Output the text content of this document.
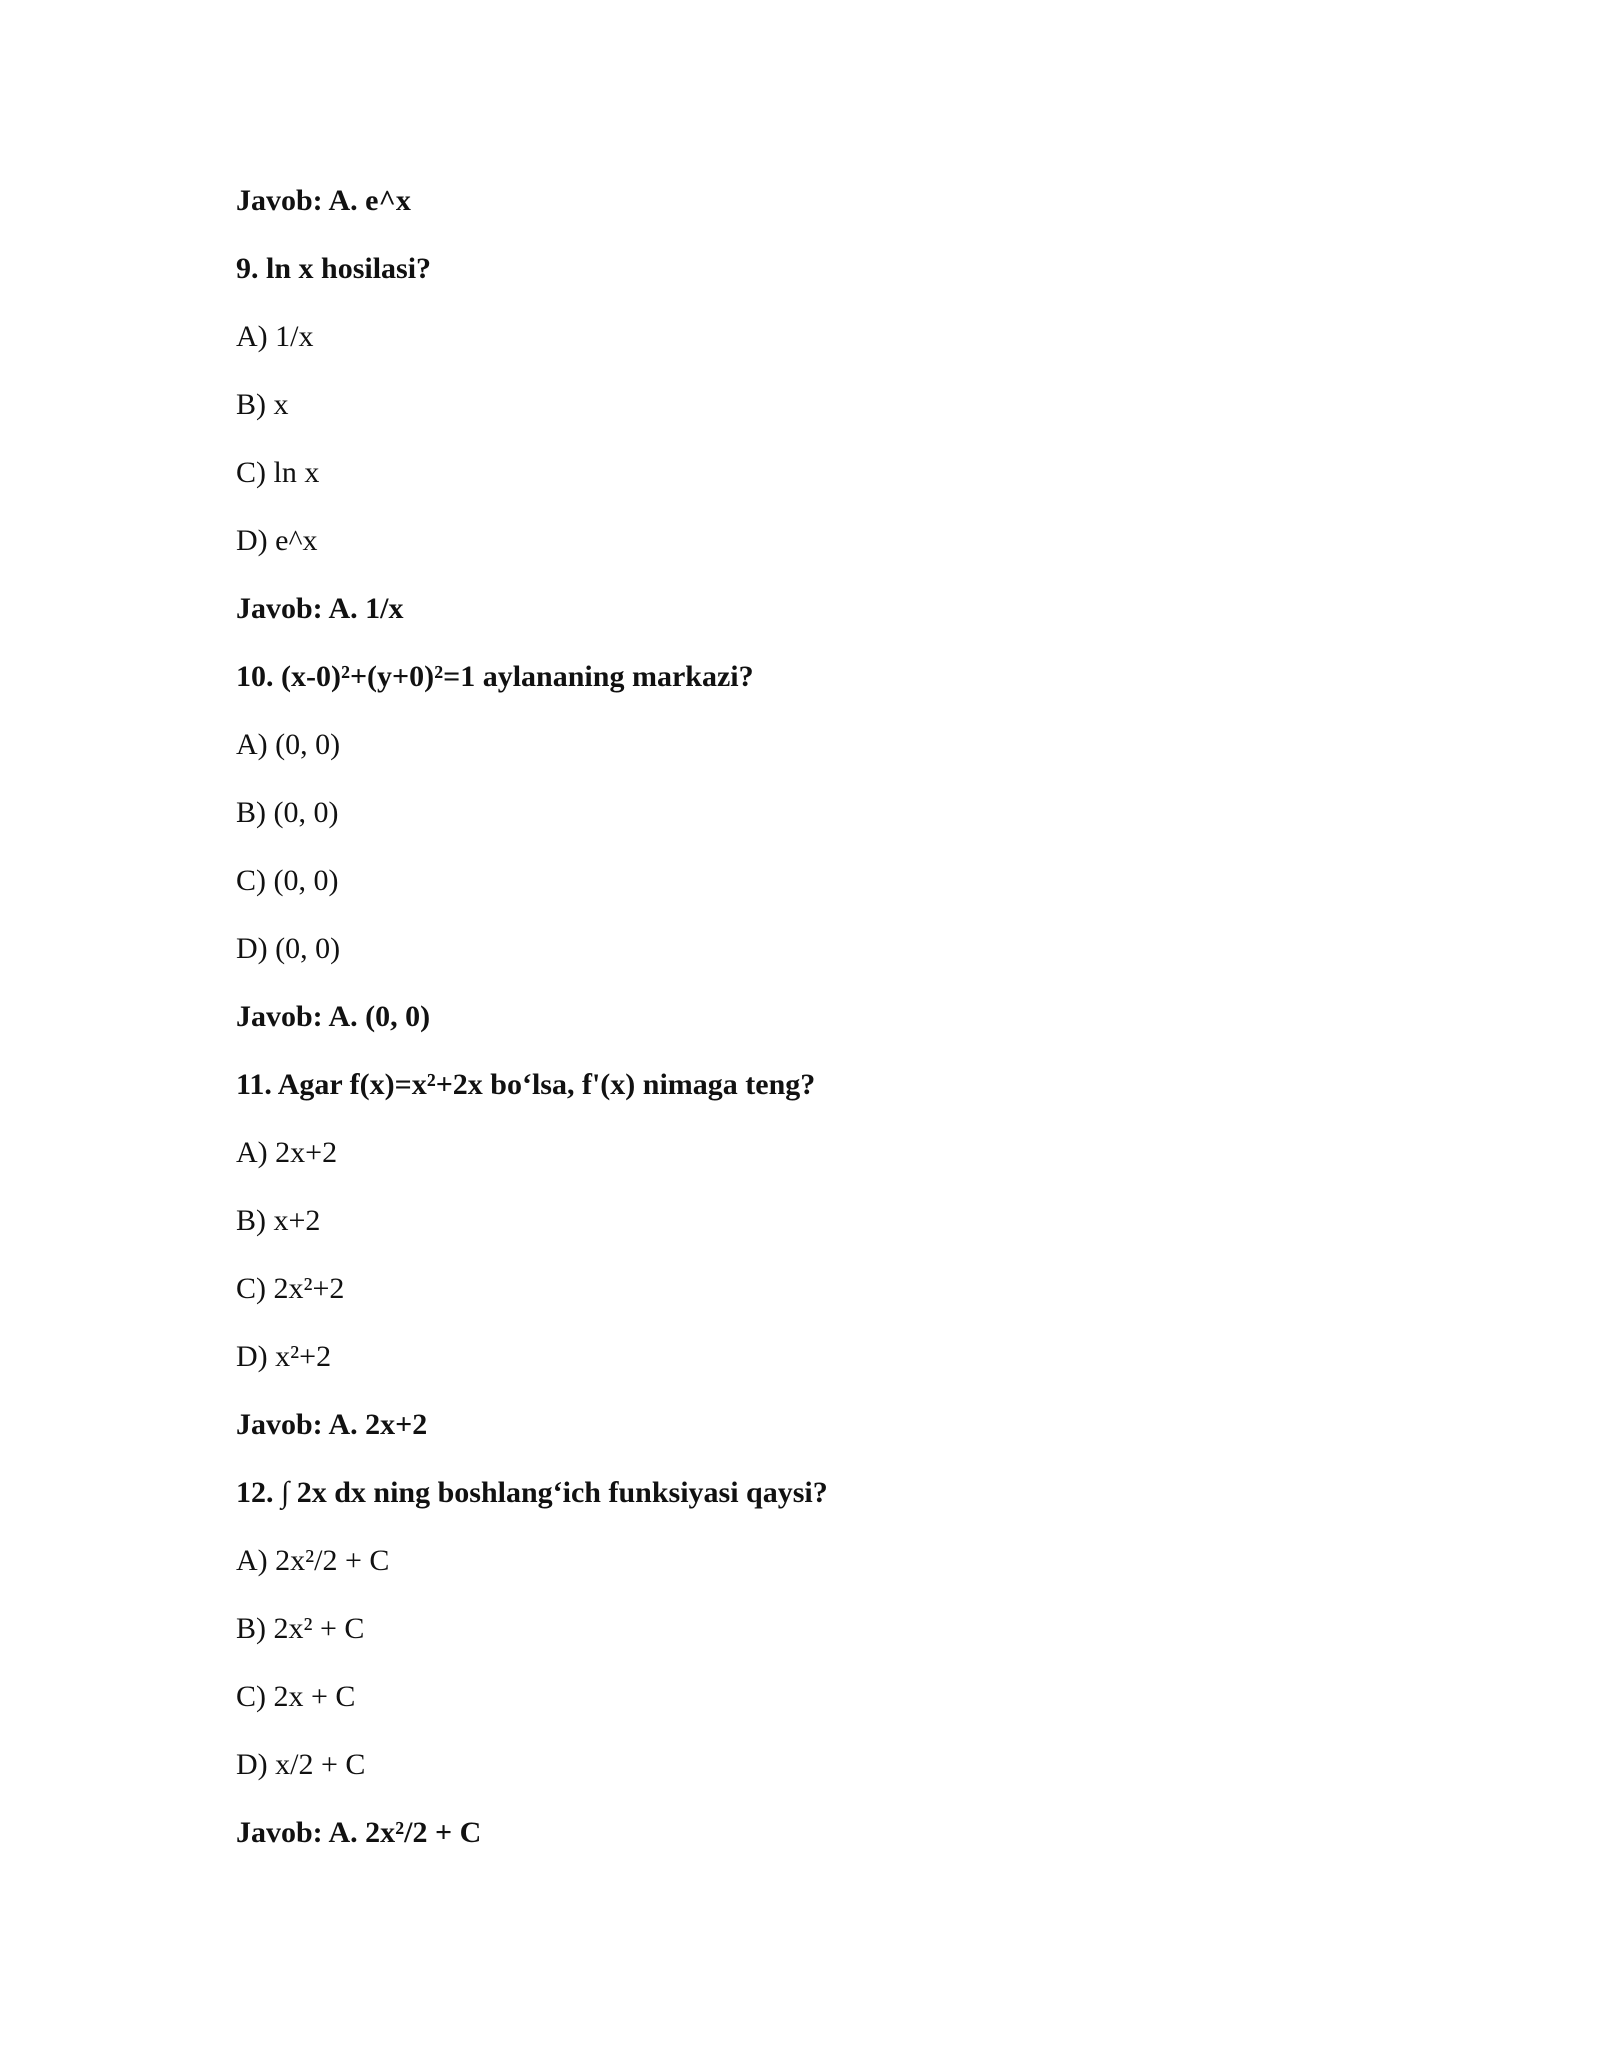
Javob: A. e^x
9. ln x hosilasi?
A) 1/x
B) x
C) ln x
D) e^x
Javob: A. 1/x
10. (x-0)²+(y+0)²=1 aylananing markazi?
A) (0, 0)
B) (0, 0)
C) (0, 0)
D) (0, 0)
Javob: A. (0, 0)
11. Agar f(x)=x²+2x bo‘lsa, f'(x) nimaga teng?
A) 2x+2
B) x+2
C) 2x²+2
D) x²+2
Javob: A. 2x+2
12. ∫ 2x dx ning boshlang‘ich funksiyasi qaysi?
A) 2x²/2 + C
B) 2x² + C
C) 2x + C
D) x/2 + C
Javob: A. 2x²/2 + C
